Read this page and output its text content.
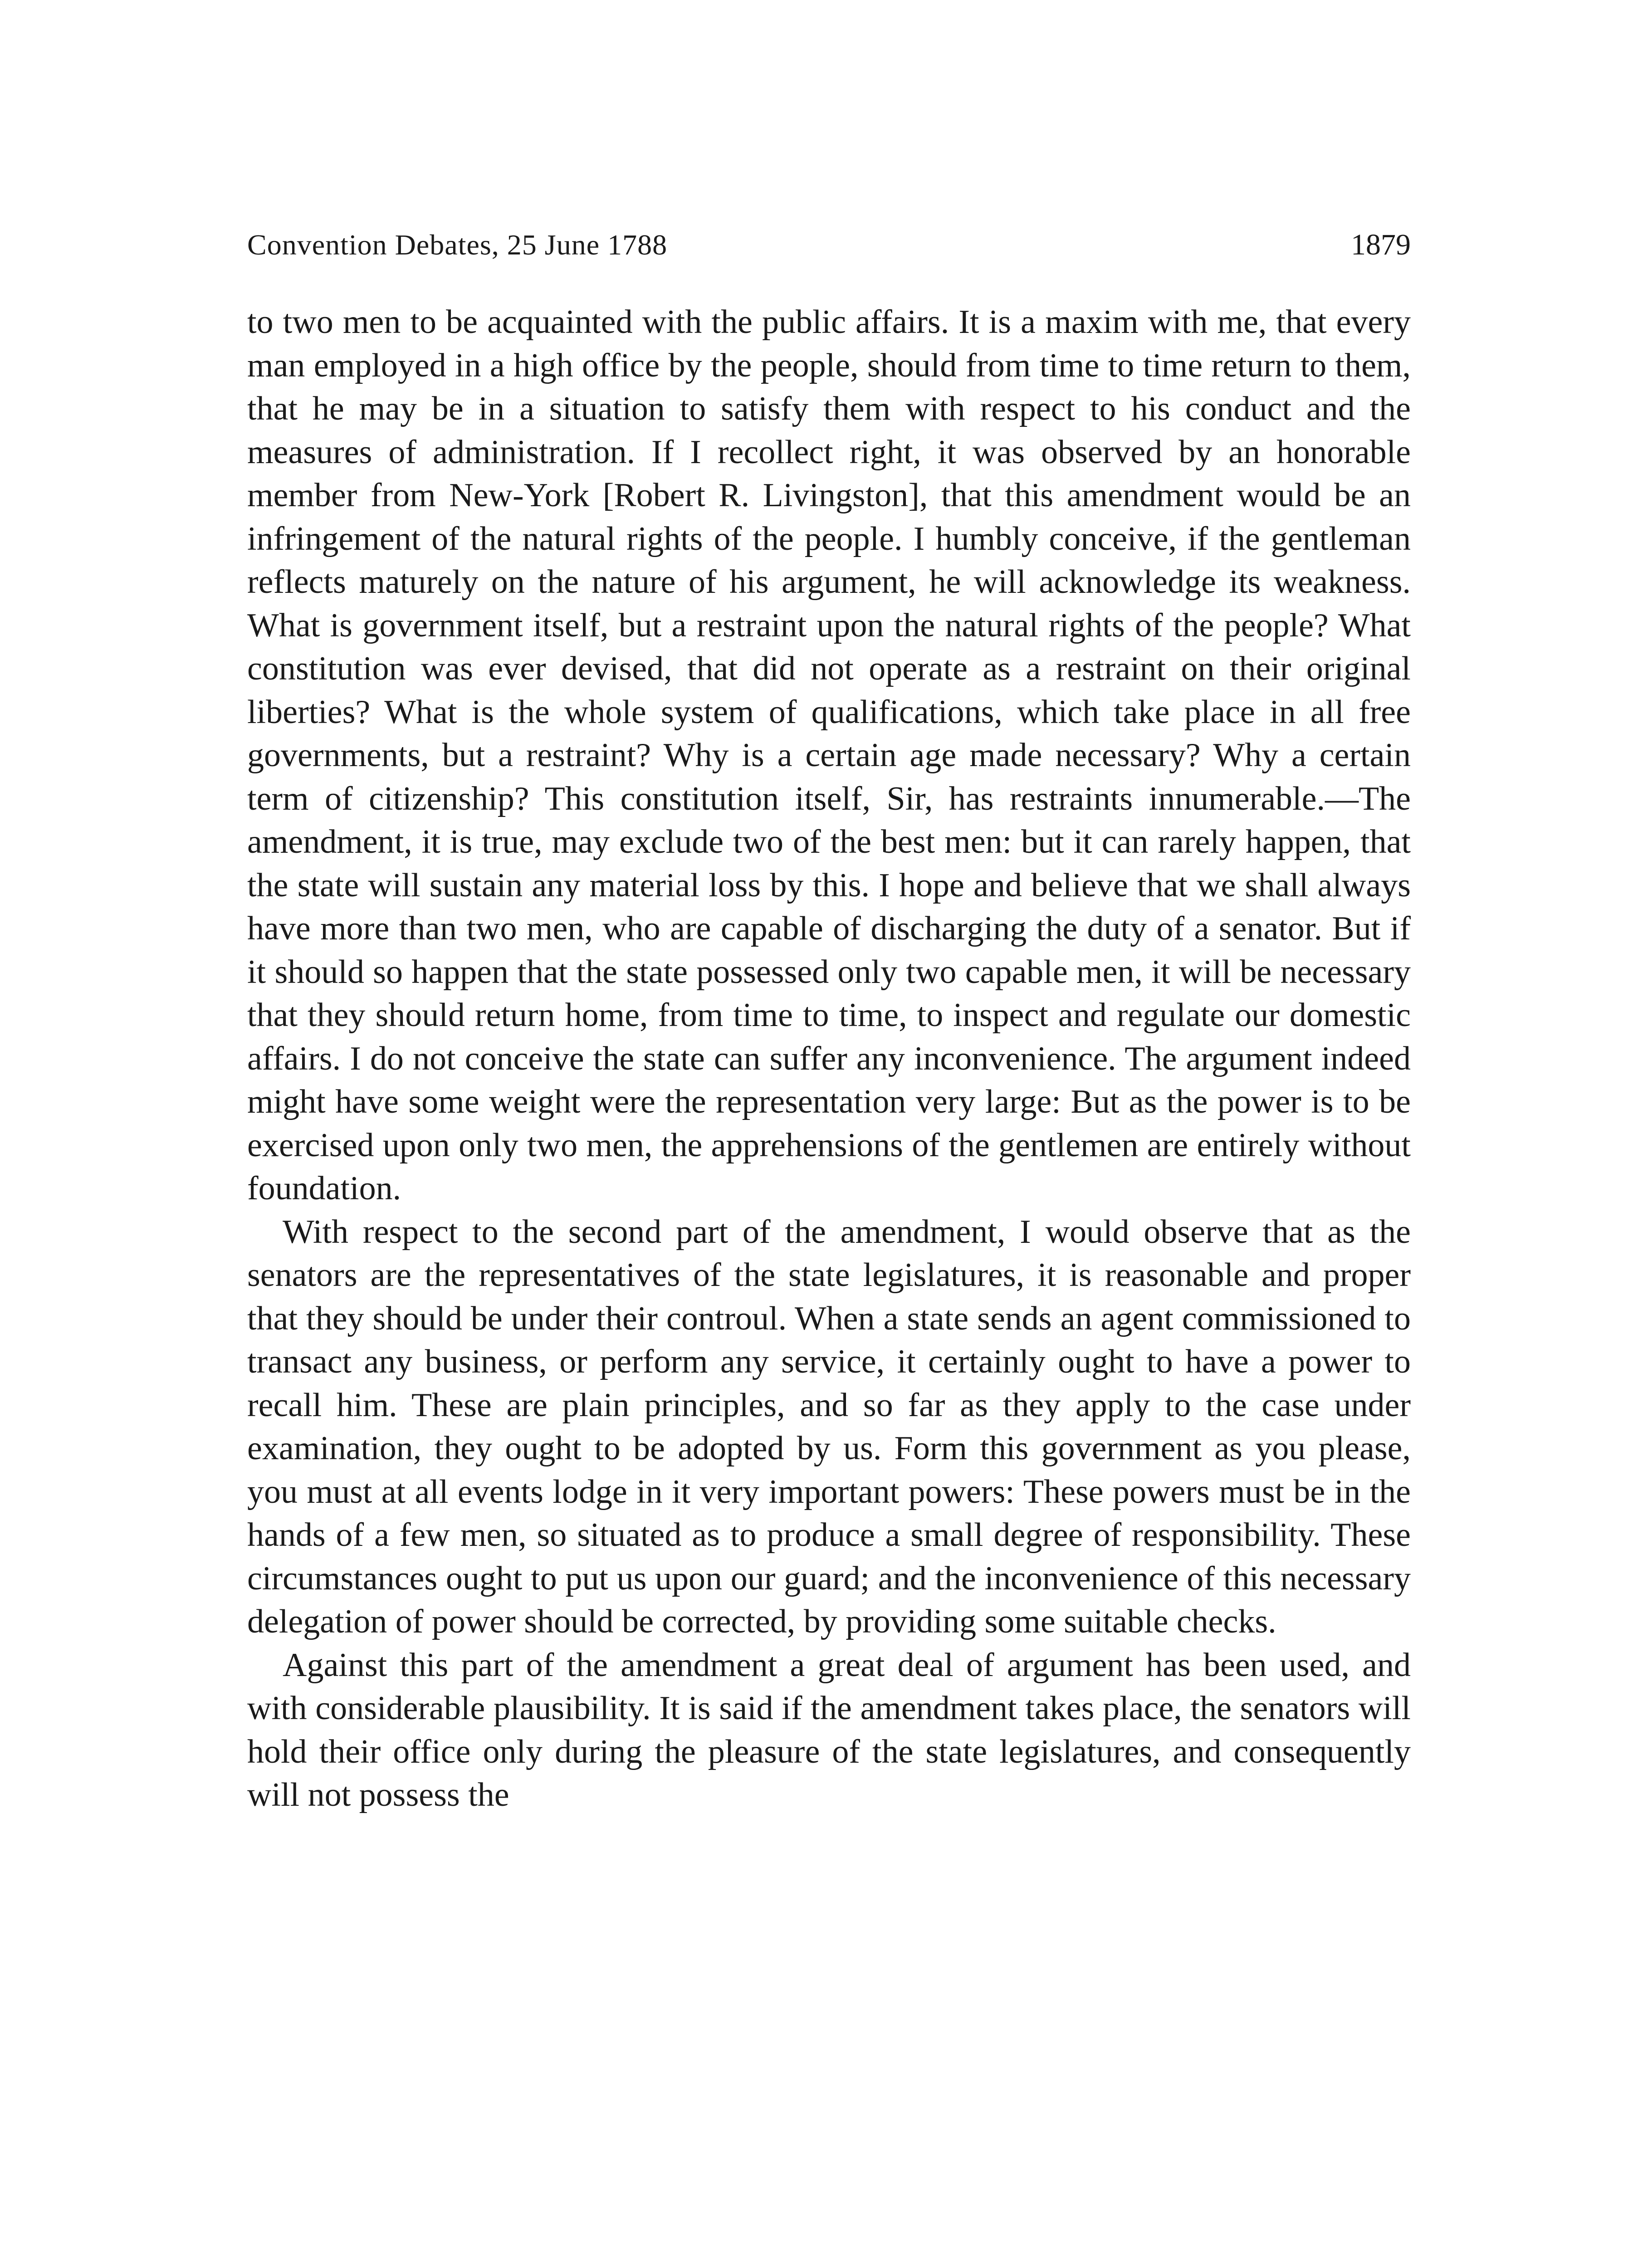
Convention Debates, 25 June 1788	1879

to two men to be acquainted with the public affairs. It is a maxim with me, that every man employed in a high office by the people, should from time to time return to them, that he may be in a situation to satisfy them with respect to his conduct and the measures of administration. If I recollect right, it was observed by an honorable member from New-York [Robert R. Livingston], that this amendment would be an infringement of the natural rights of the people. I humbly conceive, if the gentleman reflects maturely on the nature of his argument, he will acknowledge its weakness. What is government itself, but a restraint upon the natural rights of the people? What constitution was ever devised, that did not operate as a restraint on their original liberties? What is the whole system of qualifications, which take place in all free governments, but a restraint? Why is a certain age made necessary? Why a certain term of citizenship? This constitution itself, Sir, has restraints innumerable.—The amendment, it is true, may exclude two of the best men: but it can rarely happen, that the state will sustain any material loss by this. I hope and believe that we shall always have more than two men, who are capable of discharging the duty of a senator. But if it should so happen that the state possessed only two capable men, it will be necessary that they should return home, from time to time, to inspect and regulate our domestic affairs. I do not conceive the state can suffer any inconvenience. The argument indeed might have some weight were the representation very large: But as the power is to be exercised upon only two men, the apprehensions of the gentlemen are entirely without foundation.

With respect to the second part of the amendment, I would observe that as the senators are the representatives of the state legislatures, it is reasonable and proper that they should be under their controul. When a state sends an agent commissioned to transact any business, or perform any service, it certainly ought to have a power to recall him. These are plain principles, and so far as they apply to the case under examination, they ought to be adopted by us. Form this government as you please, you must at all events lodge in it very important powers: These powers must be in the hands of a few men, so situated as to produce a small degree of responsibility. These circumstances ought to put us upon our guard; and the inconvenience of this necessary delegation of power should be corrected, by providing some suitable checks.

Against this part of the amendment a great deal of argument has been used, and with considerable plausibility. It is said if the amendment takes place, the senators will hold their office only during the pleasure of the state legislatures, and consequently will not possess the
